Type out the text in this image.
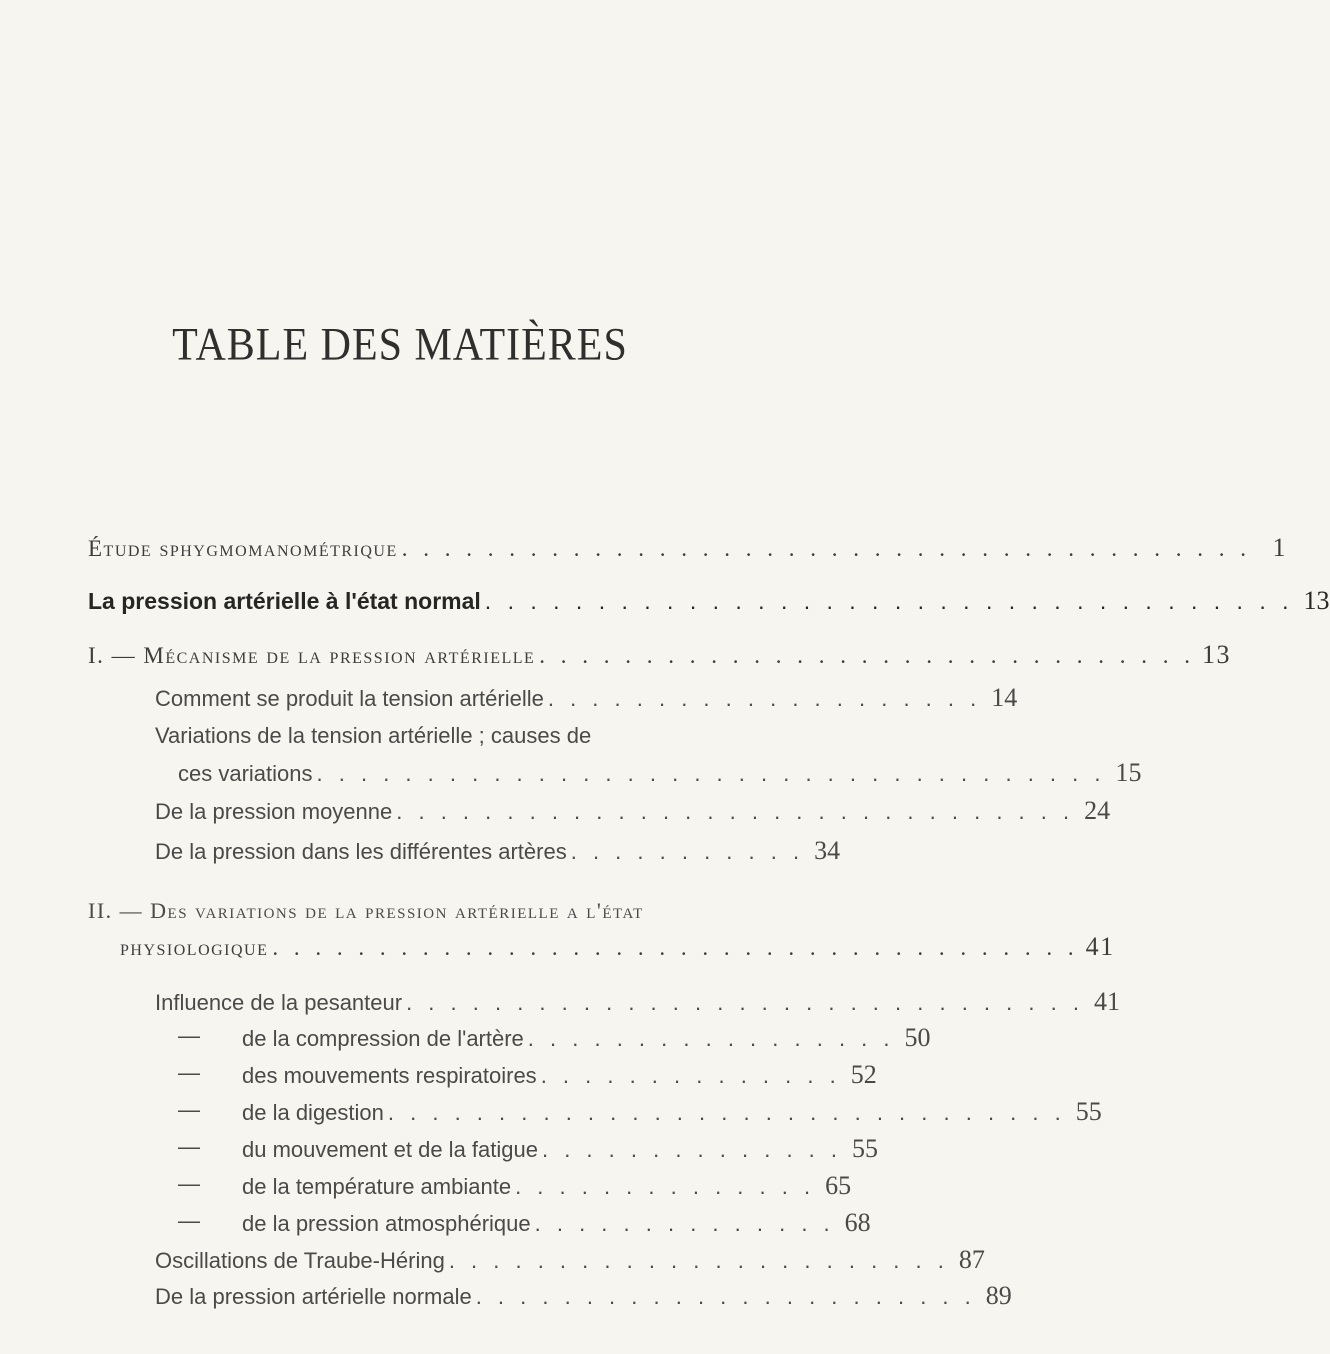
TABLE DES MATIÈRES
Étude sphygmomanométrique . . . . . . . . . . . . . . . . . . . . . . . . . . . . . . . . . . . . . . . . 1
La pression artérielle à l'état normal . . . . . . . . . . . . . . . . . . . . . . . . . . . . . . . . . . . . 13
I. — Mécanisme de la pression artérielle . . . . . . . . . . . . . . . . . . . . . . . . . . . . . . . 13
Comment se produit la tension artérielle . . . . . . . . . . . . . . . . . . . . 14
Variations de la tension artérielle ; causes de
ces variations . . . . . . . . . . . . . . . . . . . . . . . . . . . . . . . . . . . . 15
De la pression moyenne . . . . . . . . . . . . . . . . . . . . . . . . . . . . . . . 24
De la pression dans les différentes artères . . . . . . . . . . . 34
II. — Des variations de la pression artérielle a l'état
physiologique . . . . . . . . . . . . . . . . . . . . . . . . . . . . . . . . . . . . . . 41
Influence de la pesanteur . . . . . . . . . . . . . . . . . . . . . . . . . . . . . . . 41
— de la compression de l'artère . . . . . . . . . . . . . . . . . 50
— des mouvements respiratoires . . . . . . . . . . . . . . 52
— de la digestion . . . . . . . . . . . . . . . . . . . . . . . . . . . . . . . 55
— du mouvement et de la fatigue . . . . . . . . . . . . . . 55
— de la température ambiante . . . . . . . . . . . . . . 65
— de la pression atmosphérique . . . . . . . . . . . . . . 68
Oscillations de Traube-Héring . . . . . . . . . . . . . . . . . . . . . . . 87
De la pression artérielle normale . . . . . . . . . . . . . . . . . . . . . . . 89
